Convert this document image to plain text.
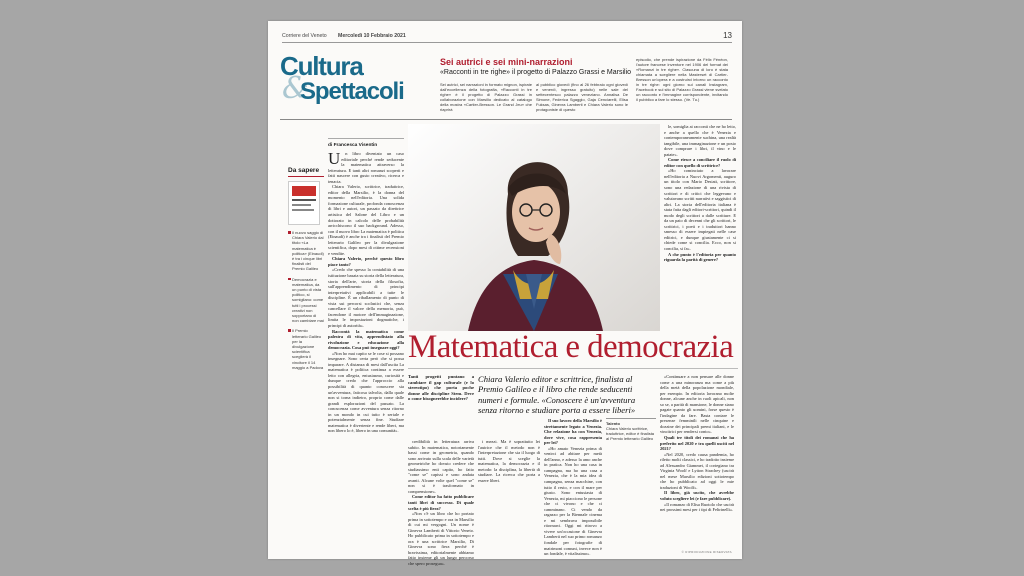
Corriere del Veneto Mercoledì 10 Febbraio 2021	13
Cultura
&
Spettacoli
Sei autrici e sei mini-narrazioni
«Racconti in tre righe» il progetto di Palazzo Grassi e Marsilio
Sei autrici, sei narrazioni in formato mignon, ispirate dall'eccellenza della fotografia, «Racconti in tre righe» è il progetto di Palazzo Grassi in collaborazione con Marsilio dedicato al catalogo della mostra «Cartier-Bresson. Le Grand Jeu» che riaprirà
al pubblico giovedì (fino al 26 febbraio ogni giovedì e venerdì, ingresso gratuito) nelle sale del settecentesco palazzo veneziano. Annalisa De Simone, Federica Sgaggio, Gaja Cenciarelli, Elisa Fuksas, Ginevra Lamberti e Chiara Valerio sono le protagoniste di questo
episodio, che prende ispirazione da Félix Fénéon, l'autore francese inventore nel 1906 del format dei «Romanzi in tre righe». Ciascuna di loro è stata chiamata a scegliere nella Masterset di Cartier-Bresson un'opera e a costruirci intorno un racconto in tre righe: ogni giorno sui canali Instagram, Facebook e sul sito di Palazzo Grassi viene svelato un racconto e l'immagine corrispondente, invitando il pubblico a fare lo stesso. (Ve. Tu.)
Da sapere
Il nuovo saggio di Chiara Valerio dal titolo «La matematica è politica» (Einaudi) è tra i cinque libri finalisti del Premio Galileo
Democrazia e matematica, da un punto di vista politico, si somigliano: come tutti i processi creativi non sopportano di non cambiare mai
Il Premio letterario Galileo per la divulgazione scientifica sceglierà il vincitore il 14 maggio a Padova
di Francesca Visentin
U	n libro diventato un caso editoriale perché rende seducente la matematica attraverso la letteratura. E tanti altri romanzi scoperti e fatti nascere con gusto creativo, ricerca e tenacia.

Chiara Valerio, scrittrice, traduttrice, editor della Marsilio, è la donna del momento nell'editoria. Una solida formazione culturale, profonda conoscenza di libri e autori, un passato da direttrice artistica del Salone del Libro e un dottorato in calcolo delle probabilità arricchiscono il suo background. Adesso, con il nuovo libro La matematica è politica (Einaudi) è anche tra i finalisti del Premio letterario Galileo per la divulgazione scientifica, dopo mesi di ottime recensioni e vendite.

Chiara Valerio, perché questo libro piace tanto?

«Credo che spesso la contabilità di una istituzione basata su storia della letteratura, storia dell'arte, storia della filosofia, sull'apprendimento di principi interpretativi applicabili a tutte le discipline. È un riballamento di punto di vista sui percorsi scolastici che, senza cancellare il valore della memoria, può, facendone il motore dell'immaginazione, limita le impostazioni dogmatiche, i principi di autorità».

Raccontà la matematica come palestra di vita, apprendistato alla rivoluzione e educazione alla democrazia. Cosa può insegnare oggi?

«Non ho mai capito se le cose si possano insegnare. Sono certa però che si possa imparare. A distanza di mesi dall'uscita La matematica è politica continua a essere letto con allegria, entusiasmo, curiosità e dunque credo che l'approccio alla possibilità di quanto conoscere sia un'avventura, faticosa talvolta, dalla quale non si torna indietro, proprio come dalle grandi esplorazioni del passato. La conoscenza come avventura senza ritorno in un mondo in cui tutto è seriale e potenzialmente senza fine. Studiare matematica è divertente e rende liberi, ma non libero lo è, libero in una comunità».

le, somiglia ai racconti che ne ho letto, e anche a quello che è Venezia e contemporaneamente suchina, una realtà tangibile, una immaginazione e un posto dove comprare i libri, il vino e le patate».

Come riesce a conciliare il ruolo di editor con quello di scrittrice?

«Ho cominciato a lavorare nell'editoria a Nuovi Argomenti, auguro un titolo con Mario Desiati, scrittore, sono una redazione di una rivista di scrittori e di critici che leggevano e valutavano scritti narrativi e saggistici di altri. La storia dell'editoria italiana è stata fatta dagli editori-scrittori, quindi il modo degli scrittori a dalle scritture. E da un paio di decenni che gli scrittori, le scrittrici, i poeti e i traduttori hanno smesso di essere impiegati nelle case editrici, e dunque giustamente ci si chiede come si concilia. Ecco, non si concilia, si fa».

A che punto è l'editoria per quanto riguarda la parità di genere?

Matematica e democrazia
Tanti progetti puntano a cambiare il gap culturale (e lo stereotipo) che porta poche donne alle discipline Stem. Deve o come bisognerebbe incidere?
Chiara Valerio editor e scrittrice, finalista al Premio Galileo e il libro che rende seducenti numeri e formule. «Conoscere è un'avventura senza ritorno e studiare porta a essere liberi»

credibilità in letteratura arriva subito. In matematica, notoriamente bassi come in geometria, quando sono arrivato sulla scala delle varietà geometriche ho dovuto credere che studiassimo enti capito, ho fatto "come se" capissi e sono andata avanti. Alcune volte quel "come se" non si è trasformato in comprensione».

Come editor ha fatto pubblicare tanti libri di successo. Di quale scelta è più fiera?

«Non c'è un libro che ho portato prima in sottotempo e ora in Marsilio di cui mi vergogni. Un nome è Ginevra Lamberti di Vittorio Veneto. Ho pubblicato prima in sottotempo e ora è una scrittrice Marsilio, Di Ginevra sono fiera perché è bravissima, editorialmente abbiamo fatto insieme gli un lungo percorso che spero prosegua».

i mezzi. Ma è soprattutto lei l'autrice che il metodo non è l'interpretazione che sia il luogo di tutti. Dove si sceglie la matematica, la democrazia e il metodo: la disciplina, la libertà di studiare. La ricerca che porta a essere liberi.

Il suo lavoro della Marsilio è strettamente legato a Venezia. Che relazione ha con Venezia, dove vive, cosa rappresenta per lei?

«Ho amato Venezia prima di venirci ad abitare per metà dell'anno, e adesso la amo anche in pratica. Non ho una casa in campagna, ma ho una casa a Venezia, che è la mia idea di campagna, senza macchine, con tutto il resto, e con il mare per giusto. Sono entusiasta di Venezia, mi piacciono le persone che ci vivono e che ci camminano. Ci vendo da ragazzo per la Biennale cinema e mi sembrava impossibile ritornarci. Oggi mi ritrovo a vivere un'occasione di Ginevra Lamberti nel suo primo romanzo fondale per fotografie di matrimoni comuni, invece non è un fondale, è vitalissimo».

Talento
Chiara Valerio scrittrice, traduttrice, editor è finalista al Premio letterario Galileo

«Continuare a non pensare alle donne come a una minoranza ma come a più della metà della popolazione mondiale, per esempio. In editoria lavorano molte donne, alcune anche in ruoli apicali, non so se, a parità di mansione, le donne siano pagate quanto gli uomini, forse questo è l'indagine da fare. Basta contare le presenze femminili nelle cinquine e dozzine dei principali premi italiani, e le vincitrici per rendersi conto».

Quali tre titoli dei romanzi che ha preferito nel 2020 e tra quelli usciti nel 2021?

«Nel 2020, credo causa pandemia, ho riletto molti classici, e ho tradotto insieme ad Alessandro Giammei, il cortegiano tra Virginia Woolf e Lytton Strachey (uscirà nel mese Marsilio edizioni sottotempo che ho pubblicato ad oggi le mie traduzioni di Woolf».

Il libro, già uscito, che avrebbe voluto scegliere lei (e fare pubblicare).

«Il romanzo di Elisa Ruotolo che uscirà nei prossimi mesi per i tipi di Feltrinelli».

© RIPRODUZIONE RISERVATA
